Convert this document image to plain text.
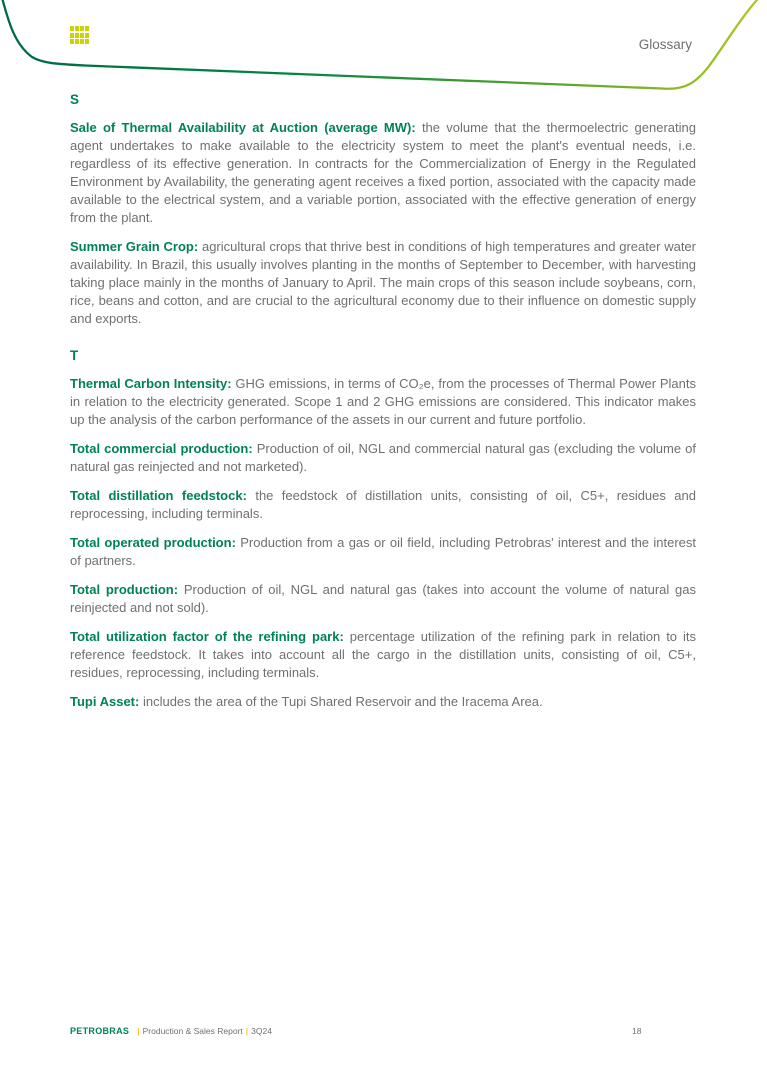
Glossary
S

Sale of Thermal Availability at Auction (average MW): the volume that the thermoelectric generating agent undertakes to make available to the electricity system to meet the plant's eventual needs, i.e. regardless of its effective generation. In contracts for the Commercialization of Energy in the Regulated Environment by Availability, the generating agent receives a fixed portion, associated with the capacity made available to the electrical system, and a variable portion, associated with the effective generation of energy from the plant.

Summer Grain Crop: agricultural crops that thrive best in conditions of high temperatures and greater water availability. In Brazil, this usually involves planting in the months of September to December, with harvesting taking place mainly in the months of January to April. The main crops of this season include soybeans, corn, rice, beans and cotton, and are crucial to the agricultural economy due to their influence on domestic supply and exports.

T

Thermal Carbon Intensity: GHG emissions, in terms of CO₂e, from the processes of Thermal Power Plants in relation to the electricity generated. Scope 1 and 2 GHG emissions are considered. This indicator makes up the analysis of the carbon performance of the assets in our current and future portfolio.

Total commercial production: Production of oil, NGL and commercial natural gas (excluding the volume of natural gas reinjected and not marketed).

Total distillation feedstock: the feedstock of distillation units, consisting of oil, C5+, residues and reprocessing, including terminals.

Total operated production: Production from a gas or oil field, including Petrobras' interest and the interest of partners.

Total production: Production of oil, NGL and natural gas (takes into account the volume of natural gas reinjected and not sold).

Total utilization factor of the refining park: percentage utilization of the refining park in relation to its reference feedstock. It takes into account all the cargo in the distillation units, consisting of oil, C5+, residues, reprocessing, including terminals.

Tupi Asset: includes the area of the Tupi Shared Reservoir and the Iracema Area.

PETROBRAS | Production & Sales Report | 3Q24	18
